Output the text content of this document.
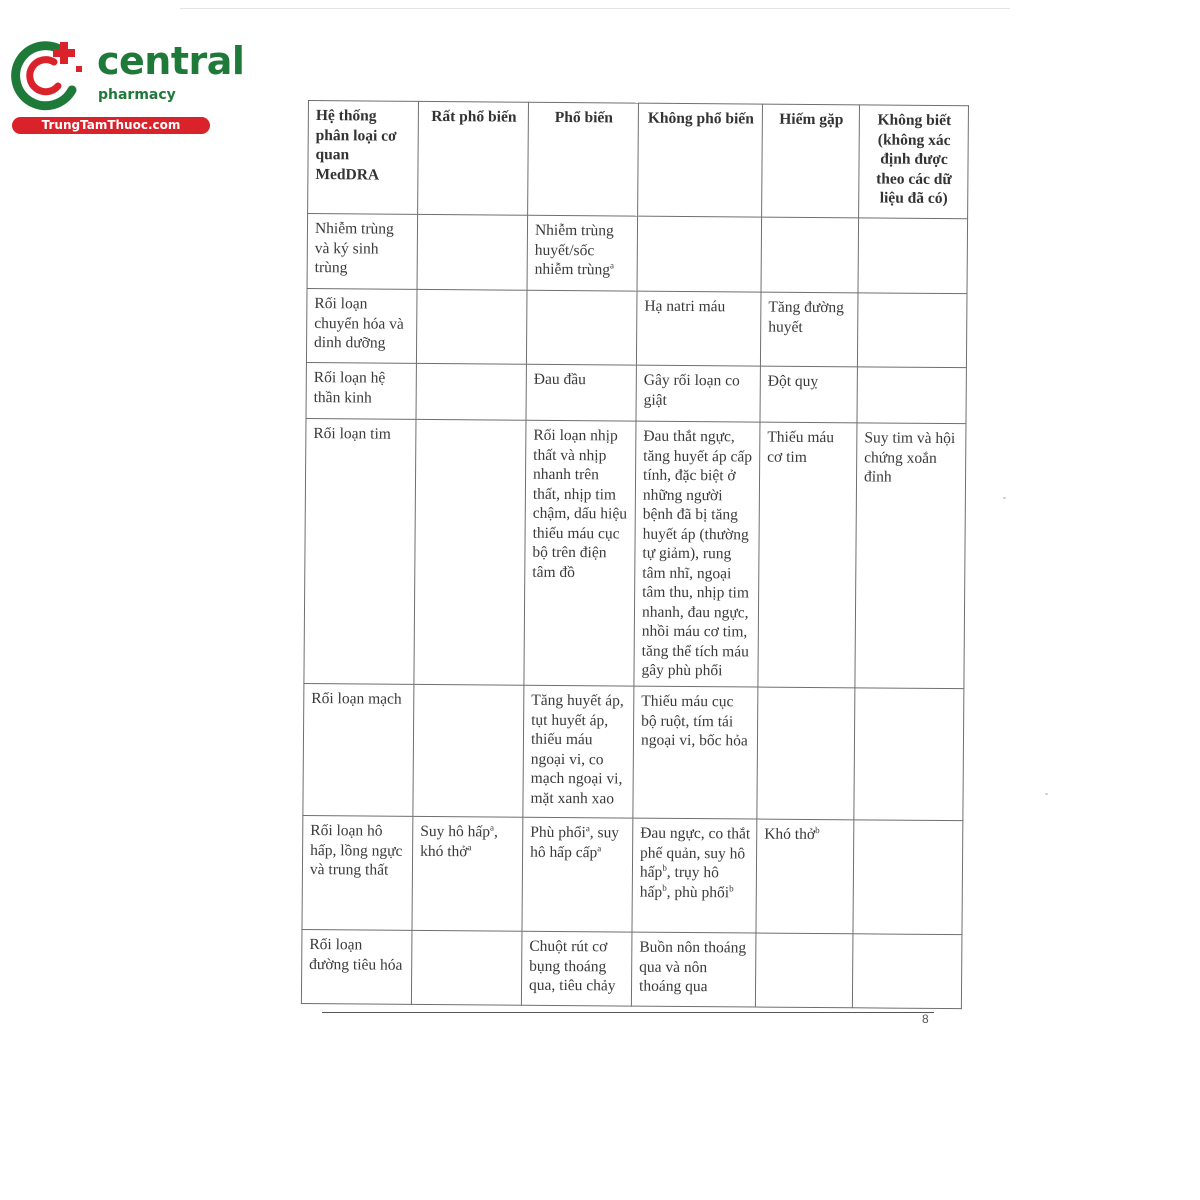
central
pharmacy
TrungTamThuoc.com
Hệ thống phân loại cơ quan MedDRA	Rất phổ biến	Phổ biến	Không phổ biến	Hiếm gặp	Không biết (không xác định được theo các dữ liệu đã có)
Nhiễm trùng và ký sinh trùng		Nhiễm trùng huyết/sốc nhiễm trùng$^a$			
Rối loạn chuyển hóa và dinh dưỡng			Hạ natri máu	Tăng đường huyết	
Rối loạn hệ thần kinh		Đau đầu	Gây rối loạn co giật	Đột quỵ	
Rối loạn tim		Rối loạn nhịp thất và nhịp nhanh trên thất, nhịp tim chậm, dấu hiệu thiếu máu cục bộ trên điện tâm đồ	Đau thắt ngực, tăng huyết áp cấp tính, đặc biệt ở những người bệnh đã bị tăng huyết áp (thường tự giảm), rung tâm nhĩ, ngoại tâm thu, nhịp tim nhanh, đau ngực, nhồi máu cơ tim, tăng thể tích máu gây phù phổi	Thiếu máu cơ tim	Suy tim và hội chứng xoắn đỉnh
Rối loạn mạch		Tăng huyết áp, tụt huyết áp, thiếu máu ngoại vi, co mạch ngoại vi, mặt xanh xao	Thiếu máu cục bộ ruột, tím tái ngoại vi, bốc hỏa		
Rối loạn hô hấp, lồng ngực và trung thất	Suy hô hấp$^a$, khó thở$^a$	Phù phổi$^a$, suy hô hấp cấp$^a$	Đau ngực, co thắt phế quản, suy hô hấp$^b$, trụy hô hấp$^b$, phù phổi$^b$	Khó thở$^b$	
Rối loạn đường tiêu hóa		Chuột rút cơ bụng thoáng qua, tiêu chảy	Buồn nôn thoáng qua và nôn thoáng qua		
8
